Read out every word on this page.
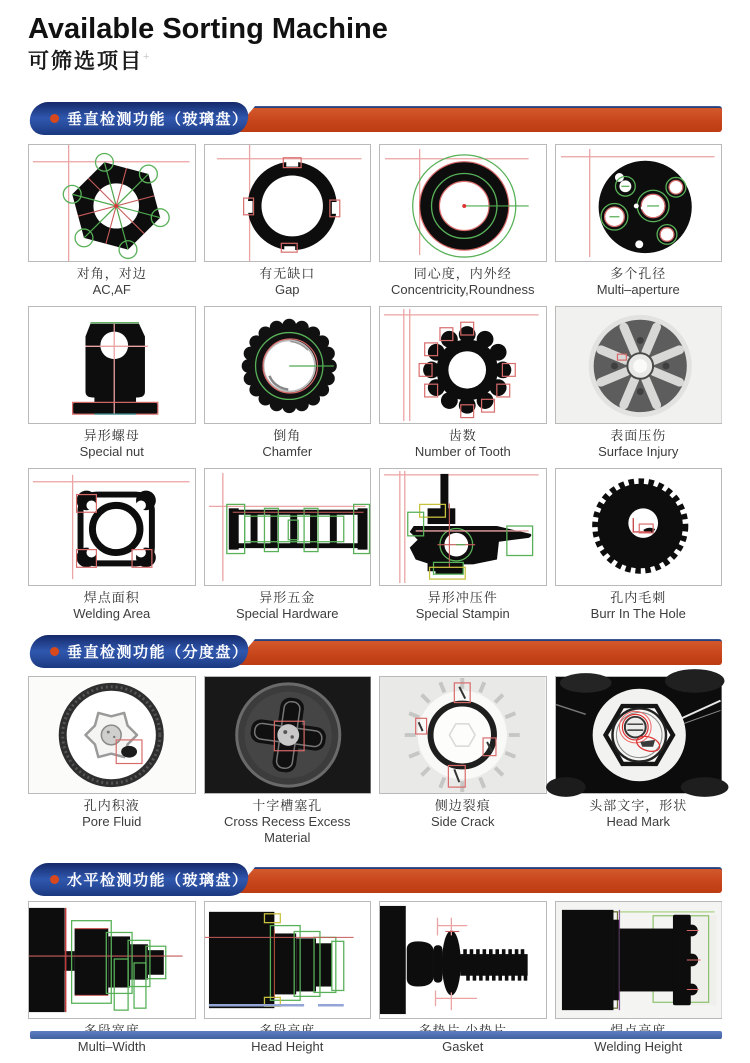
Available Sorting Machine
可筛选项目+
垂直检测功能（玻璃盘）
对角，对边
AC,AF
有无缺口
Gap
同心度，内外经
Concentricity,Roundness
多个孔径
Multi–aperture
异形螺母
Special nut
倒角
Chamfer
齿数
Number of Tooth
表面压伤
Surface Injury
焊点面积
Welding Area
异形五金
Special Hardware
异形冲压件
Special Stampin
孔内毛刺
Burr In The Hole
垂直检测功能（分度盘）
孔内积液
Pore Fluid
十字槽塞孔
Cross Recess Excess Material
侧边裂痕
Side Crack
头部文字，形状
Head Mark
水平检测功能（玻璃盘）
Multi–Width	Head Height	Gasket	Welding Height
